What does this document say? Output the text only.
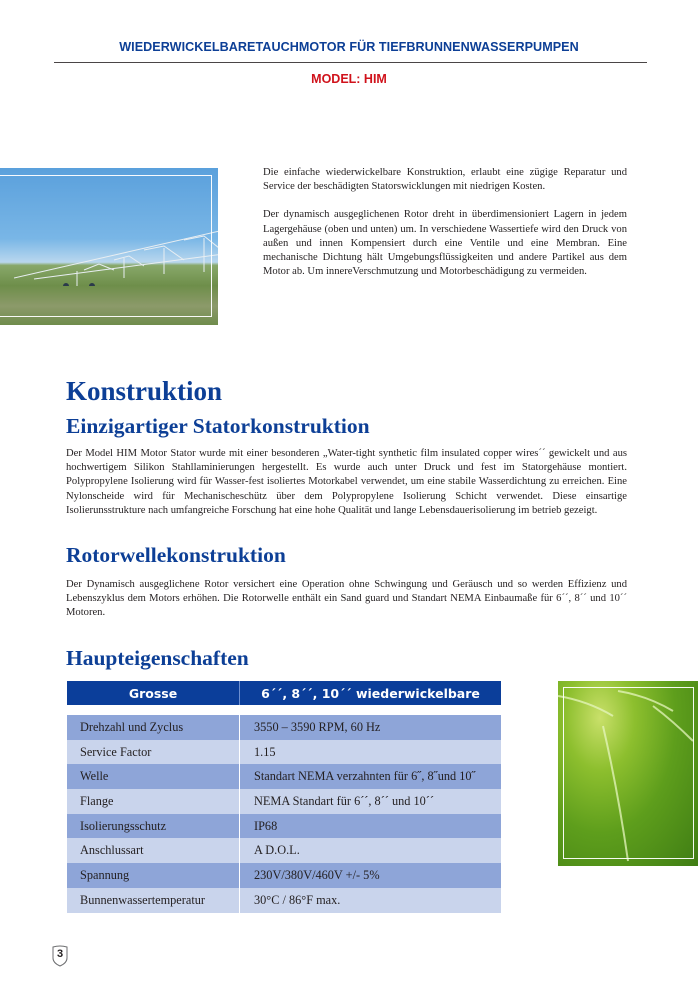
WIEDERWICKELBARETAUCHMOTOR FÜR TIEFBRUNNENWASSERPUMPEN
MODEL: HIM

Die einfache wiederwickelbare Konstruktion, erlaubt eine zügige Reparatur und Service der beschädigten Statorswicklungen mit niedrigen Kosten.

Der dynamisch ausgeglichenen Rotor dreht in überdimensioniert Lagern in jedem Lagergehäuse (oben und unten) um. In verschiedene Wassertiefe wird den Druck von außen und innen Kompensiert durch eine Ventile und eine Membran. Eine mechanische Dichtung hält Umgebungsflüssigkeiten und andere Partikel aus dem Motor ab. Um innereVerschmutzung und Motorbeschädigung zu vermeiden.

Konstruktion
Einzigartiger Statorkonstruktion
Der Model HIM Motor Stator wurde mit einer besonderen „Water-tight synthetic film insulated copper wires´´ gewickelt und aus hochwertigem Silikon Stahllaminierungen hergestellt. Es wurde auch unter Druck und fest im Statorgehäuse montiert. Polypropylene Isolierung wird für Wasser-fest isoliertes Motorkabel verwendet, um eine stabile Wasserdichtung zu erreichen. Eine Nylonscheide wird für Mechanischeschütz über dem Polypropylene Isolierung Schicht verwendet. Diese einsartige Isolierunsstrukture nach umfangreiche Forschung hat eine hohe Qualität und lange Lebensdauerisolierung im betrieb gezeigt.
Rotorwellekonstruktion
Der Dynamisch ausgeglichene Rotor versichert eine Operation ohne Schwingung und Geräusch und so werden Effizienz und Lebenszyklus dem Motors erhöhen. Die Rotorwelle enthält ein Sand guard und Standart NEMA Einbaumaße für 6´´, 8´´ und 10´´ Motoren.
Haupteigenschaften
Grosse	6´´, 8´´, 10´´ wiederwickelbare
Drehzahl und Zyclus	3550 – 3590 RPM, 60 Hz
Service Factor	1.15
Welle	Standart NEMA verzahnten für 6˝, 8˝und 10˝
Flange	NEMA Standart für 6´´, 8´´ und 10´´
Isolierungsschutz	IP68
Anschlussart	A D.O.L.
Spannung	230V/380V/460V +/- 5%
Bunnenwassertemperatur	30°C / 86°F max.
3
